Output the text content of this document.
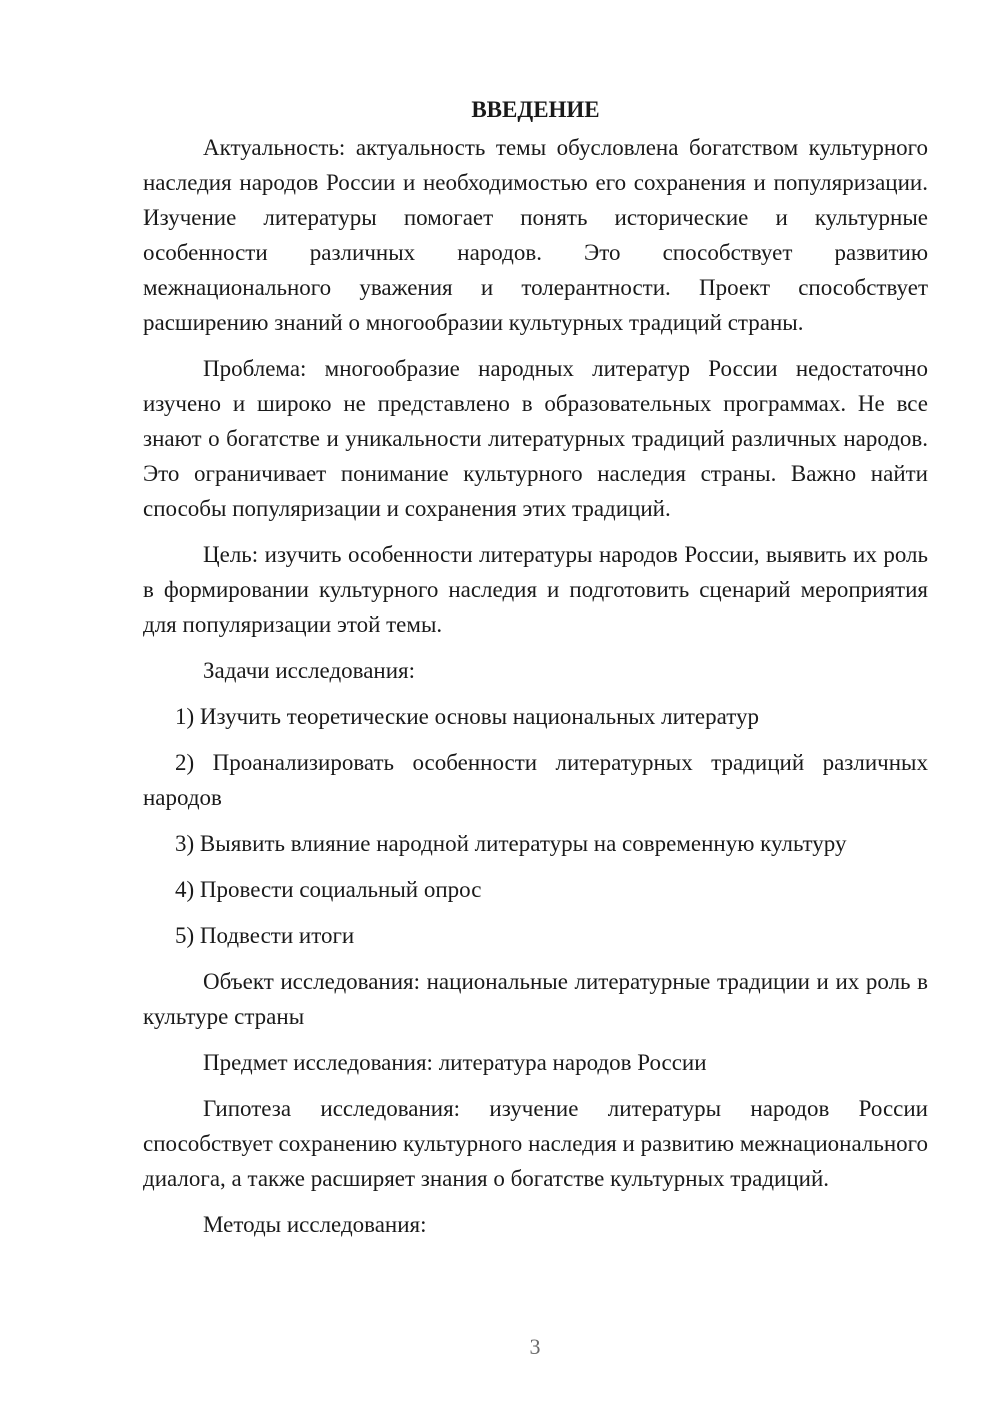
ВВЕДЕНИЕ

Актуальность: актуальность темы обусловлена богатством культурного наследия народов России и необходимостью его сохранения и популяризации. Изучение литературы помогает понять исторические и культурные особенности различных народов. Это способствует развитию межнационального уважения и толерантности. Проект способствует расширению знаний о многообразии культурных традиций страны.

Проблема: многообразие народных литератур России недостаточно изучено и широко не представлено в образовательных программах. Не все знают о богатстве и уникальности литературных традиций различных народов. Это ограничивает понимание культурного наследия страны. Важно найти способы популяризации и сохранения этих традиций.

Цель: изучить особенности литературы народов России, выявить их роль в формировании культурного наследия и подготовить сценарий мероприятия для популяризации этой темы.

Задачи исследования:

1) Изучить теоретические основы национальных литератур

2) Проанализировать особенности литературных традиций различных народов

3) Выявить влияние народной литературы на современную культуру

4) Провести социальный опрос

5) Подвести итоги

Объект исследования: национальные литературные традиции и их роль в культуре страны

Предмет исследования: литература народов России

Гипотеза исследования: изучение литературы народов России способствует сохранению культурного наследия и развитию межнационального диалога, а также расширяет знания о богатстве культурных традиций.

Методы исследования:

3
